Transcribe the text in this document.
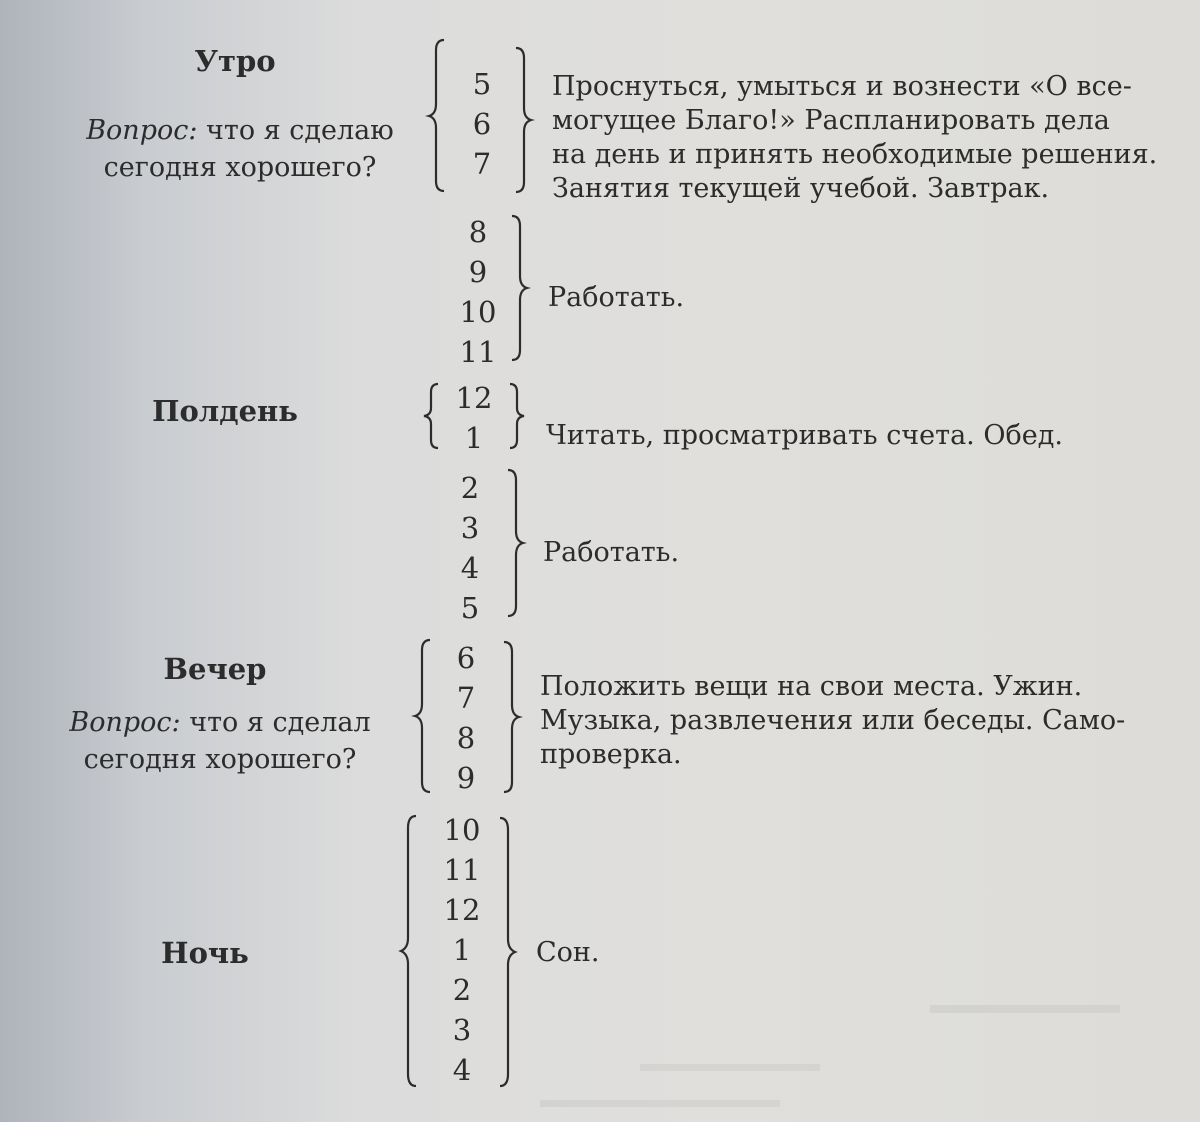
Утро
Вопрос: что я сделаю
сегодня хорошего?
5
6
7
Проснуться, умыться и вознести «О все-
могущее Благо!» Распланировать дела
на день и принять необходимые решения.
Занятия текущей учебой. Завтрак.
8
9
10
11
Работать.
Полдень	12
1	Читать, просматривать счета. Обед.
2
3
4
5
Работать.
Вечер
Вопрос: что я сделал
сегодня хорошего?
6
7
8
9
Положить вещи на свои места. Ужин.
Музыка, развлечения или беседы. Само-
проверка.
Ночь
10
11
12
1
2
3
4
Сон.
